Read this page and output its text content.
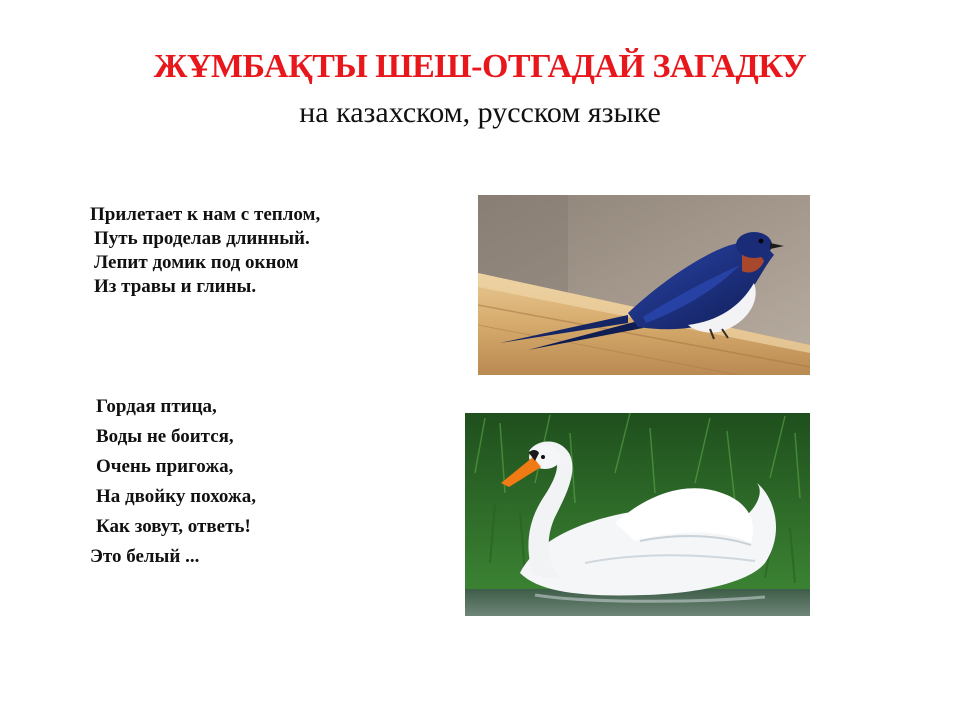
ЖҰМБАҚТЫ ШЕШ-ОТГАДАЙ ЗАГАДКУ
на казахском, русском языке
Прилетает к нам с теплом,
Путь проделав длинный.
Лепит домик под окном
Из травы и глины.
Гордая птица,
Воды не боится,
Очень пригожа,
На двойку похожа,
Как зовут, ответь!
Это белый ...
